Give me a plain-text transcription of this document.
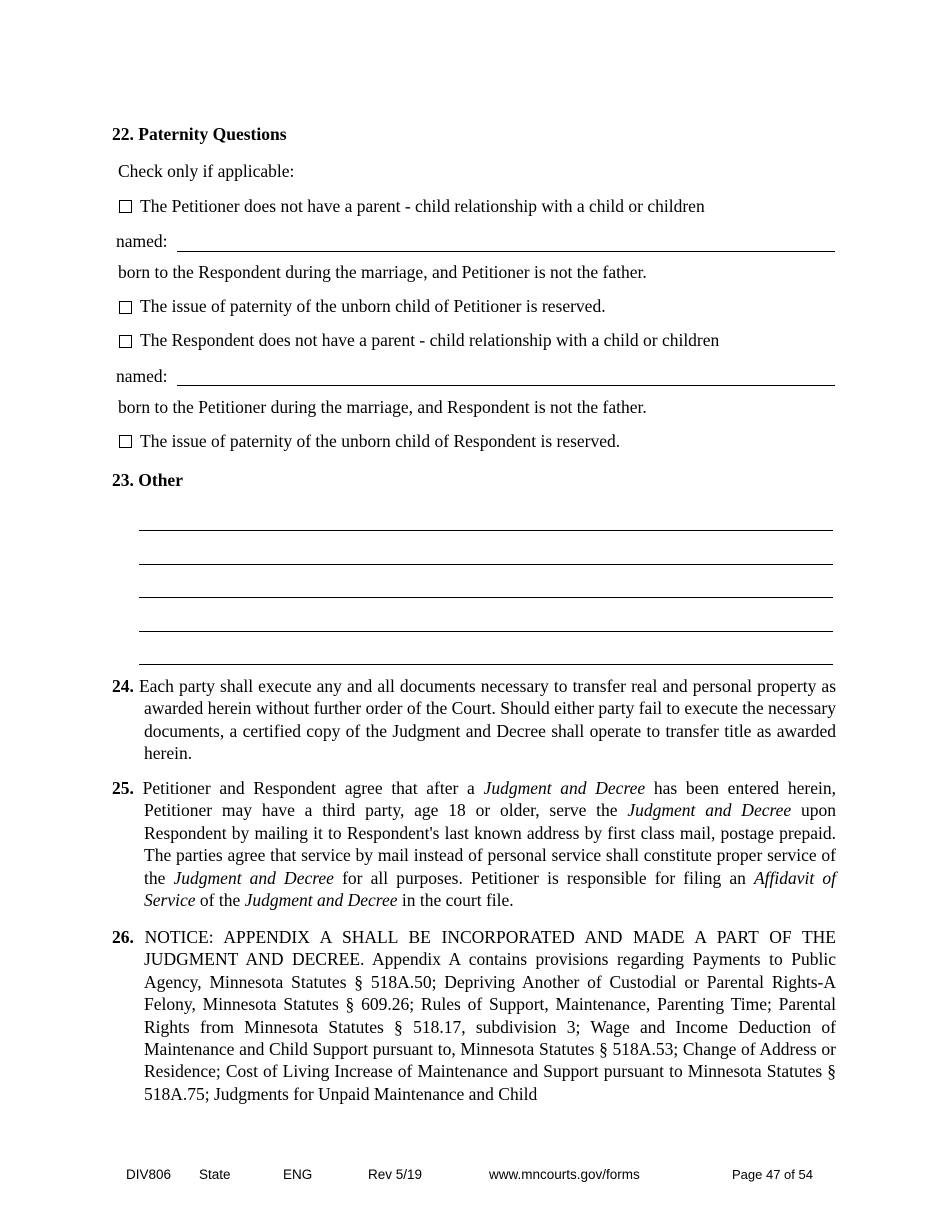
22. Paternity Questions
Check only if applicable:
The Petitioner does not have a parent - child relationship with a child or children
named:
born to the Respondent during the marriage, and Petitioner is not the father.
The issue of paternity of the unborn child of Petitioner is reserved.
The Respondent does not have a parent - child relationship with a child or children
named:
born to the Petitioner during the marriage, and Respondent is not the father.
The issue of paternity of the unborn child of Respondent is reserved.
23. Other
24. Each party shall execute any and all documents necessary to transfer real and personal property as awarded herein without further order of the Court. Should either party fail to execute the necessary documents, a certified copy of the Judgment and Decree shall operate to transfer title as awarded herein.
25. Petitioner and Respondent agree that after a Judgment and Decree has been entered herein, Petitioner may have a third party, age 18 or older, serve the Judgment and Decree upon Respondent by mailing it to Respondent's last known address by first class mail, postage prepaid. The parties agree that service by mail instead of personal service shall constitute proper service of the Judgment and Decree for all purposes. Petitioner is responsible for filing an Affidavit of Service of the Judgment and Decree in the court file.
26. NOTICE: APPENDIX A SHALL BE INCORPORATED AND MADE A PART OF THE JUDGMENT AND DECREE. Appendix A contains provisions regarding Payments to Public Agency, Minnesota Statutes § 518A.50; Depriving Another of Custodial or Parental Rights-A Felony, Minnesota Statutes § 609.26; Rules of Support, Maintenance, Parenting Time; Parental Rights from Minnesota Statutes § 518.17, subdivision 3; Wage and Income Deduction of Maintenance and Child Support pursuant to, Minnesota Statutes § 518A.53; Change of Address or Residence; Cost of Living Increase of Maintenance and Support pursuant to Minnesota Statutes § 518A.75; Judgments for Unpaid Maintenance and Child
DIV806 State	ENG	Rev 5/19	www.mncourts.gov/forms	Page 47 of 54
